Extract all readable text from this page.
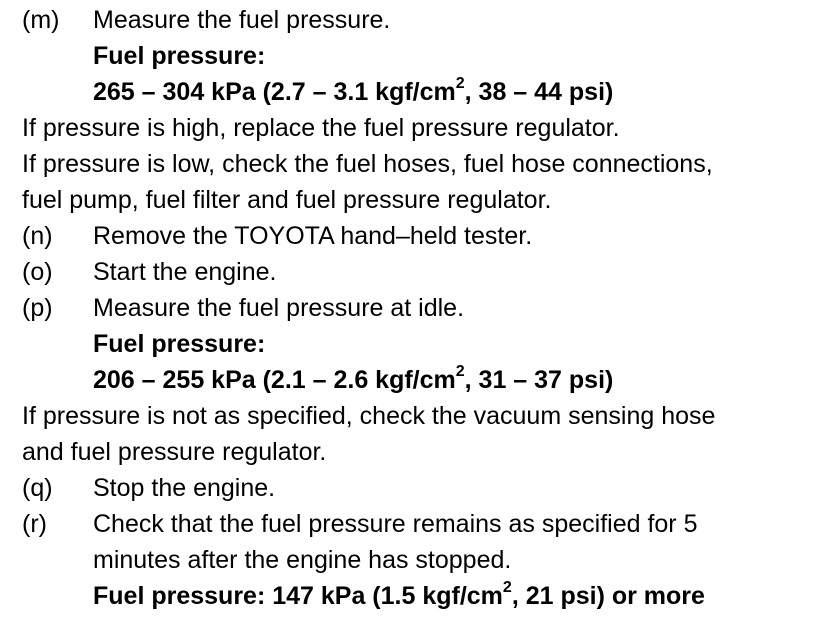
(m) Measure the fuel pressure.
Fuel pressure:
265 – 304 kPa (2.7 – 3.1 kgf/$cm^2$, 38 – 44 psi)
If pressure is high, replace the fuel pressure regulator.
If pressure is low, check the fuel hoses, fuel hose connections,
fuel pump, fuel filter and fuel pressure regulator.
(n) Remove the TOYOTA hand–held tester.
(o) Start the engine.
(p) Measure the fuel pressure at idle.
Fuel pressure:
206 – 255 kPa (2.1 – 2.6 kgf/$cm^2$, 31 – 37 psi)
If pressure is not as specified, check the vacuum sensing hose
and fuel pressure regulator.
(q) Stop the engine.
(r) Check that the fuel pressure remains as specified for 5
minutes after the engine has stopped.
Fuel pressure: 147 kPa (1.5 kgf/$cm^2$, 21 psi) or more
